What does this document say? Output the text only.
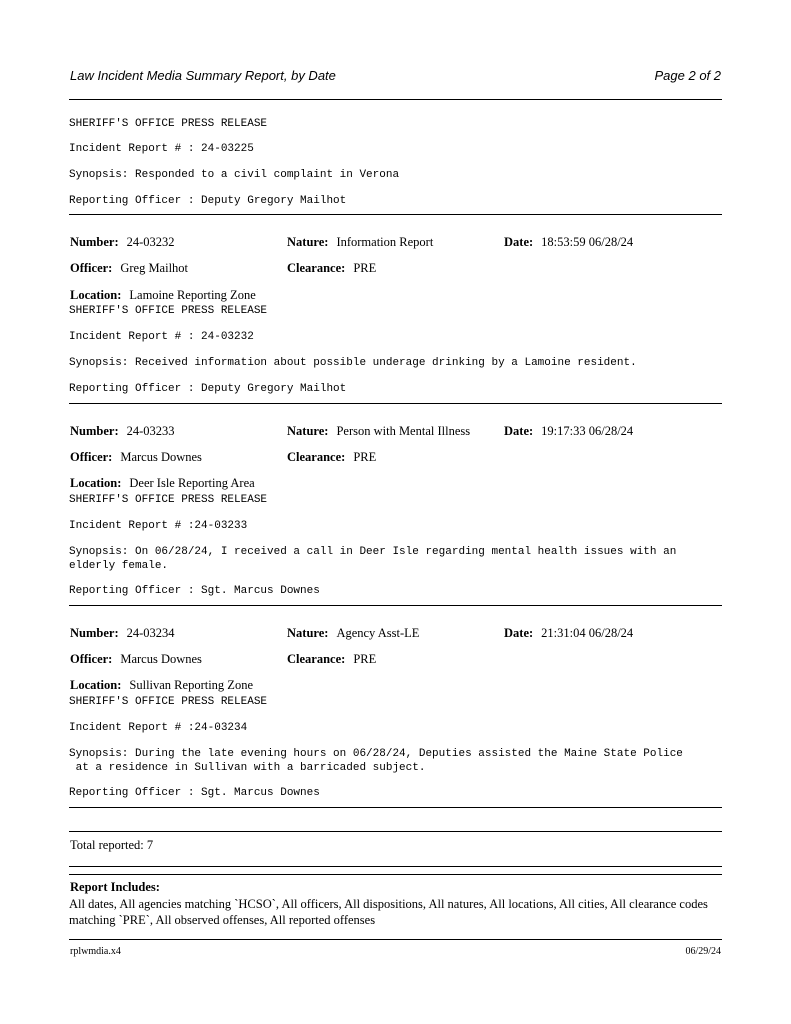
Law Incident Media Summary Report, by Date	Page 2 of 2
SHERIFF'S OFFICE PRESS RELEASE
Incident Report # : 24-03225
Synopsis: Responded to a civil complaint in Verona
Reporting Officer : Deputy Gregory Mailhot
Number: 24-03232	Nature: Information Report	Date: 18:53:59 06/28/24
Officer: Greg Mailhot	Clearance: PRE
Location: Lamoine Reporting Zone
SHERIFF'S OFFICE PRESS RELEASE
Incident Report # : 24-03232
Synopsis: Received information about possible underage drinking by a Lamoine resident.
Reporting Officer : Deputy Gregory Mailhot
Number: 24-03233	Nature: Person with Mental Illness	Date: 19:17:33 06/28/24
Officer: Marcus Downes	Clearance: PRE
Location: Deer Isle Reporting Area
SHERIFF'S OFFICE PRESS RELEASE
Incident Report # :24-03233
Synopsis: On 06/28/24, I received a call in Deer Isle regarding mental health issues with an
elderly female.
Reporting Officer : Sgt. Marcus Downes
Number: 24-03234	Nature: Agency Asst-LE	Date: 21:31:04 06/28/24
Officer: Marcus Downes	Clearance: PRE
Location: Sullivan Reporting Zone
SHERIFF'S OFFICE PRESS RELEASE
Incident Report # :24-03234
Synopsis: During the late evening hours on 06/28/24, Deputies assisted the Maine State Police
at a residence in Sullivan with a barricaded subject.
Reporting Officer : Sgt. Marcus Downes
Total reported: 7
Report Includes:
All dates, All agencies matching `HCSO`, All officers, All dispositions, All natures, All locations, All cities, All clearance codes matching `PRE`, All observed offenses, All reported offenses
rplwmdia.x4	06/29/24
